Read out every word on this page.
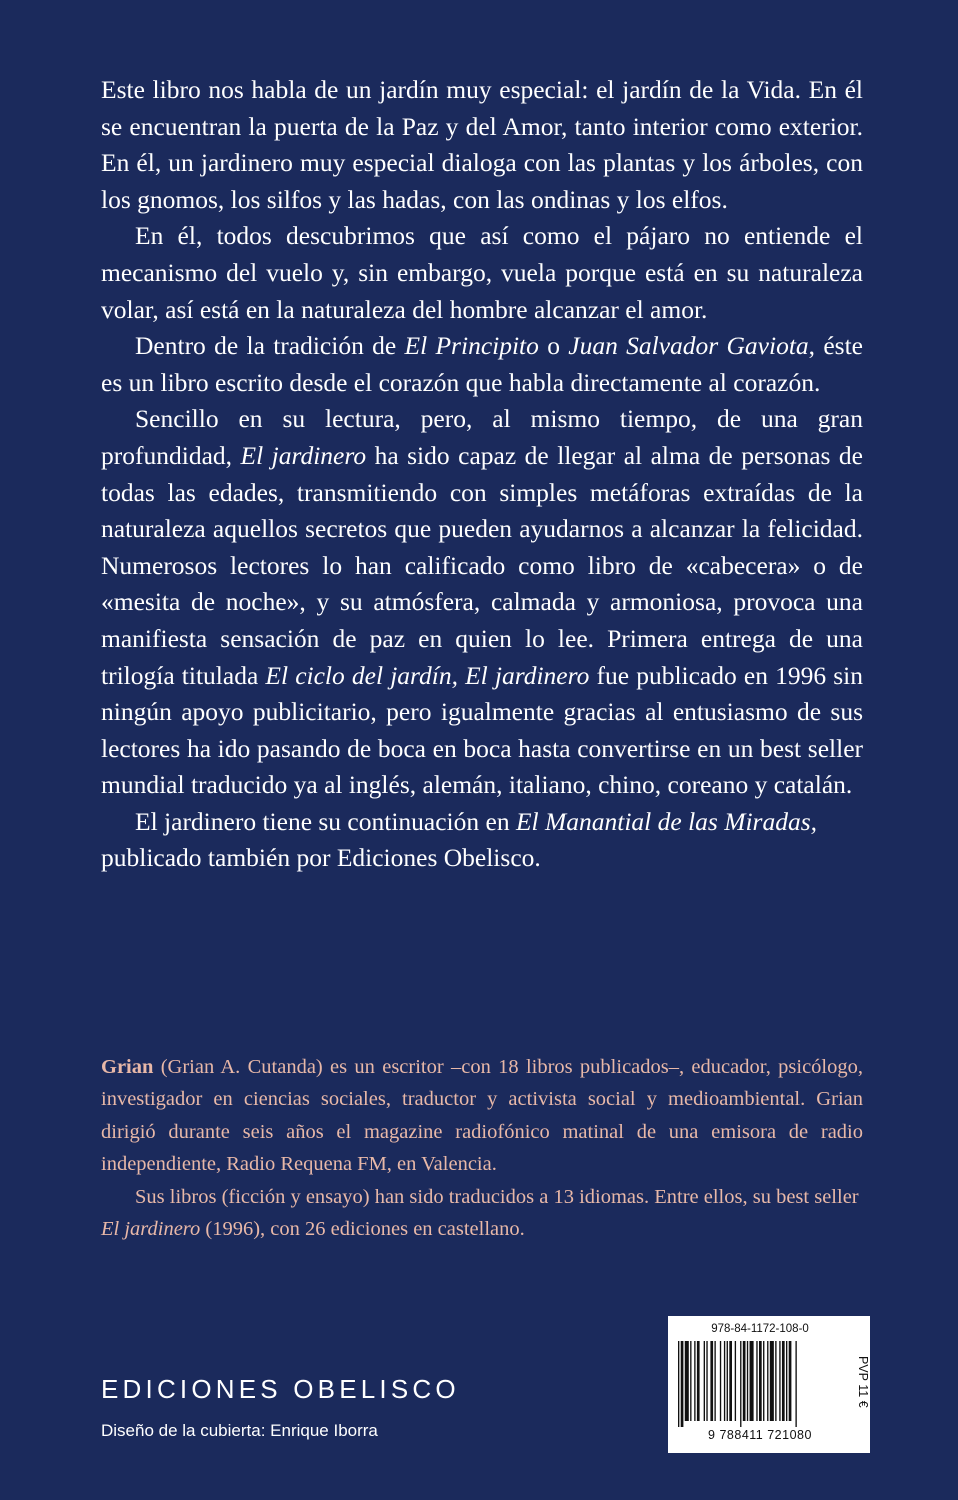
Este libro nos habla de un jardín muy especial: el jardín de la Vida. En él se encuentran la puerta de la Paz y del Amor, tanto interior como exterior. En él, un jardinero muy especial dialoga con las plantas y los árboles, con los gnomos, los silfos y las hadas, con las ondinas y los elfos.

En él, todos descubrimos que así como el pájaro no entiende el mecanismo del vuelo y, sin embargo, vuela porque está en su naturaleza volar, así está en la naturaleza del hombre alcanzar el amor.

Dentro de la tradición de El Principito o Juan Salvador Gaviota, éste es un libro escrito desde el corazón que habla directamente al corazón.

Sencillo en su lectura, pero, al mismo tiempo, de una gran profundidad, El jardinero ha sido capaz de llegar al alma de personas de todas las edades, transmitiendo con simples metáforas extraídas de la naturaleza aquellos secretos que pueden ayudarnos a alcanzar la felicidad. Numerosos lectores lo han calificado como libro de «cabecera» o de «mesita de noche», y su atmósfera, calmada y armoniosa, provoca una manifiesta sensación de paz en quien lo lee. Primera entrega de una trilogía titulada El ciclo del jardín, El jardinero fue publicado en 1996 sin ningún apoyo publicitario, pero igualmente gracias al entusiasmo de sus lectores ha ido pasando de boca en boca hasta convertirse en un best seller mundial traducido ya al inglés, alemán, italiano, chino, coreano y catalán.

El jardinero tiene su continuación en El Manantial de las Miradas, publicado también por Ediciones Obelisco.

Grian (Grian A. Cutanda) es un escritor –con 18 libros publicados–, educador, psicólogo, investigador en ciencias sociales, traductor y activista social y medioambiental. Grian dirigió durante seis años el magazine radiofónico matinal de una emisora de radio independiente, Radio Requena FM, en Valencia.

Sus libros (ficción y ensayo) han sido traducidos a 13 idiomas. Entre ellos, su best seller El jardinero (1996), con 26 ediciones en castellano.

EDICIONES OBELISCO
Diseño de la cubierta: Enrique Iborra
978-84-1172-108-0
9 788411 721080
PVP 11 €
